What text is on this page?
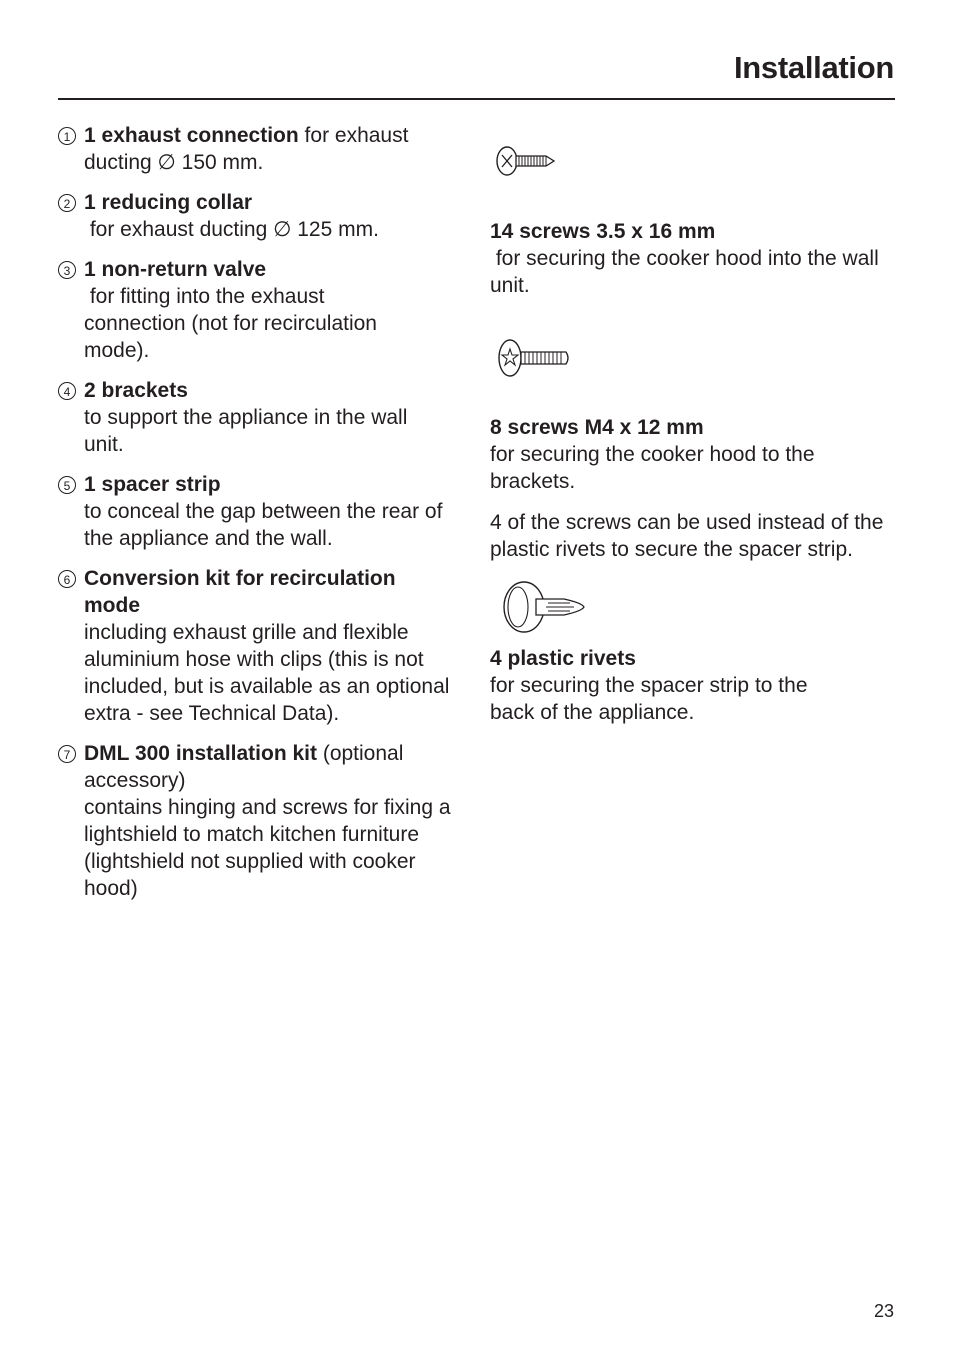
Installation
1 1 exhaust connection for exhaust
ducting ∅ 150 mm.
2 1 reducing collar
for exhaust ducting ∅ 125 mm.
3 1 non-return valve
for fitting into the exhaust connection (not for recirculation mode).
4 2 brackets
to support the appliance in the wall unit.
5 1 spacer strip
to conceal the gap between the rear of the appliance and the wall.
6 Conversion kit for recirculation mode
including exhaust grille and flexible aluminium hose with clips (this is not included, but is available as an optional extra - see Technical Data).
7 DML 300 installation kit (optional accessory)
contains hinging and screws for fixing a lightshield to match kitchen furniture (lightshield not supplied with cooker hood)
14 screws 3.5 x 16 mm
for securing the cooker hood into the wall unit.
8 screws M4 x 12 mm
for securing the cooker hood to the brackets.
4 of the screws can be used instead of the plastic rivets to secure the spacer strip.
4 plastic rivets
for securing the spacer strip to the back of the appliance.
23
